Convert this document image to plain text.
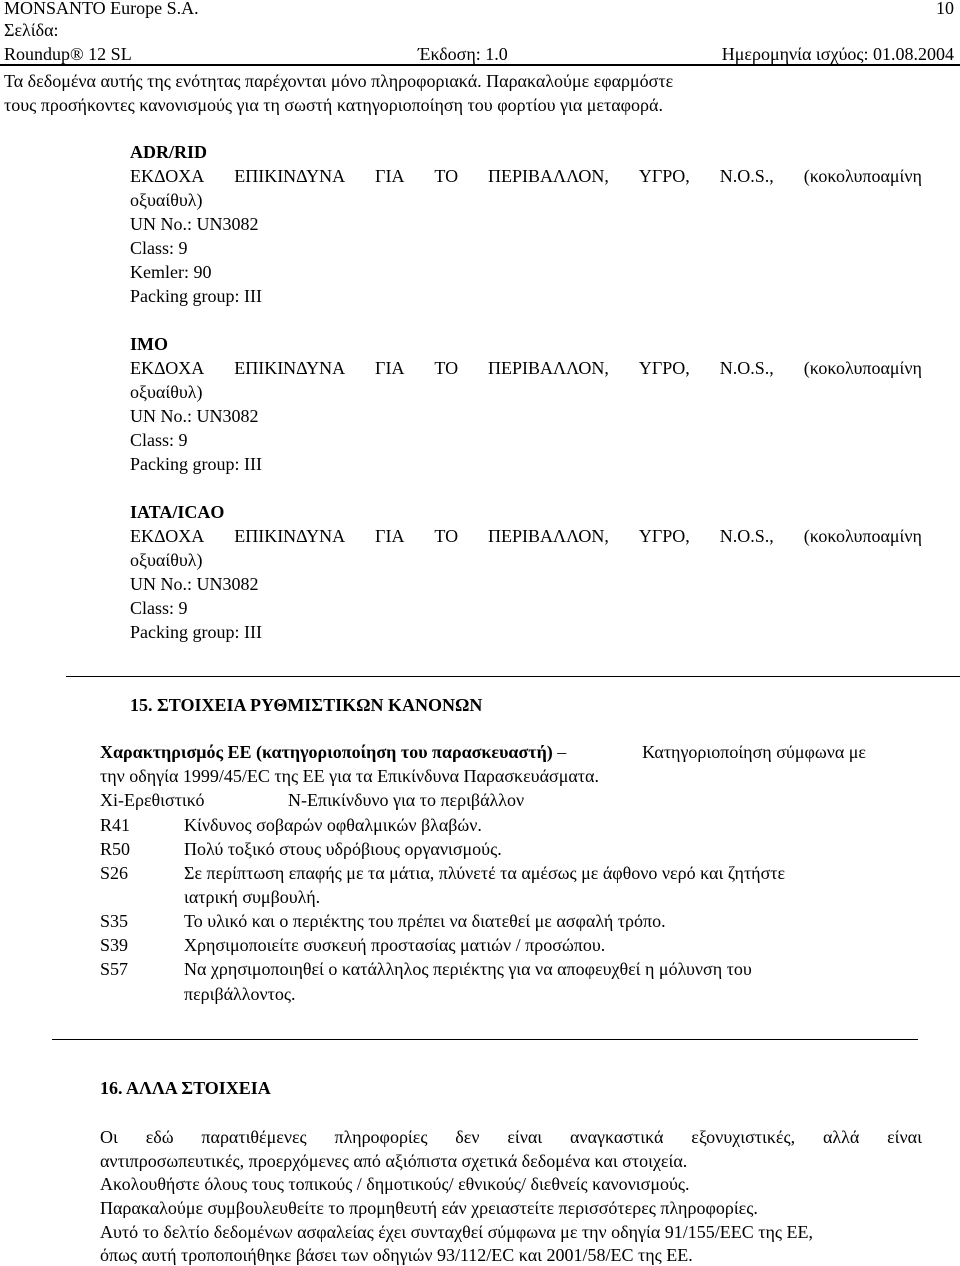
MONSANTO Europe S.A.	10
Σελίδα:
Roundup® 12 SL	Έκδοση: 1.0	Ημερομηνία ισχύος: 01.08.2004
Τα δεδομένα αυτής της ενότητας παρέχονται μόνο πληροφοριακά. Παρακαλούμε εφαρμόστε
τους προσήκοντες κανονισμούς για τη σωστή κατηγοριοποίηση του φορτίου για μεταφορά.
ADR/RID
ΕΚΔΟΧΑ ΕΠΙΚΙΝΔΥΝΑ ΓΙΑ ΤΟ ΠΕΡΙΒΑΛΛΟΝ, ΥΓΡΟ, N.O.S., (κοκολυποαμίνη
οξυαίθυλ)
UN No.: UN3082
Class: 9
Kemler: 90
Packing group: III
IMO
ΕΚΔΟΧΑ ΕΠΙΚΙΝΔΥΝΑ ΓΙΑ ΤΟ ΠΕΡΙΒΑΛΛΟΝ, ΥΓΡΟ, N.O.S., (κοκολυποαμίνη
οξυαίθυλ)
UN No.: UN3082
Class: 9
Packing group: III
IATA/ICAO
ΕΚΔΟΧΑ ΕΠΙΚΙΝΔΥΝΑ ΓΙΑ ΤΟ ΠΕΡΙΒΑΛΛΟΝ, ΥΓΡΟ, N.O.S., (κοκολυποαμίνη
οξυαίθυλ)
UN No.: UN3082
Class: 9
Packing group: III
15. ΣΤΟΙΧΕΙΑ ΡΥΘΜΙΣΤΙΚΩΝ ΚΑΝΟΝΩΝ
Χαρακτηρισμός ΕΕ (κατηγοριοποίηση του παρασκευαστή) –	Κατηγοριοποίηση σύμφωνα με
την οδηγία 1999/45/EC της ΕΕ για τα Επικίνδυνα Παρασκευάσματα.
Xi-Ερεθιστικό	N-Επικίνδυνο για το περιβάλλον
R41	Κίνδυνος σοβαρών οφθαλμικών βλαβών.
R50	Πολύ τοξικό στους υδρόβιους οργανισμούς.
S26	Σε περίπτωση επαφής με τα μάτια, πλύνετέ τα αμέσως με άφθονο νερό και ζητήστε
ιατρική συμβουλή.
S35	Το υλικό και ο περιέκτης του πρέπει να διατεθεί με ασφαλή τρόπο.
S39	Χρησιμοποιείτε συσκευή προστασίας ματιών / προσώπου.
S57	Να χρησιμοποιηθεί ο κατάλληλος περιέκτης για να αποφευχθεί η μόλυνση του
περιβάλλοντος.
16. ΑΛΛΑ ΣΤΟΙΧΕΙΑ
Οι εδώ παρατιθέμενες πληροφορίες δεν είναι αναγκαστικά εξονυχιστικές, αλλά είναι
αντιπροσωπευτικές, προερχόμενες από αξιόπιστα σχετικά δεδομένα και στοιχεία.
Ακολουθήστε όλους τους τοπικούς / δημοτικούς/ εθνικούς/ διεθνείς κανονισμούς.
Παρακαλούμε συμβουλευθείτε το προμηθευτή εάν χρειαστείτε περισσότερες πληροφορίες.
Αυτό το δελτίο δεδομένων ασφαλείας έχει συνταχθεί σύμφωνα με την οδηγία 91/155/EEC της ΕΕ,
όπως αυτή τροποποιήθηκε βάσει των οδηγιών 93/112/EC και 2001/58/EC της ΕΕ.
